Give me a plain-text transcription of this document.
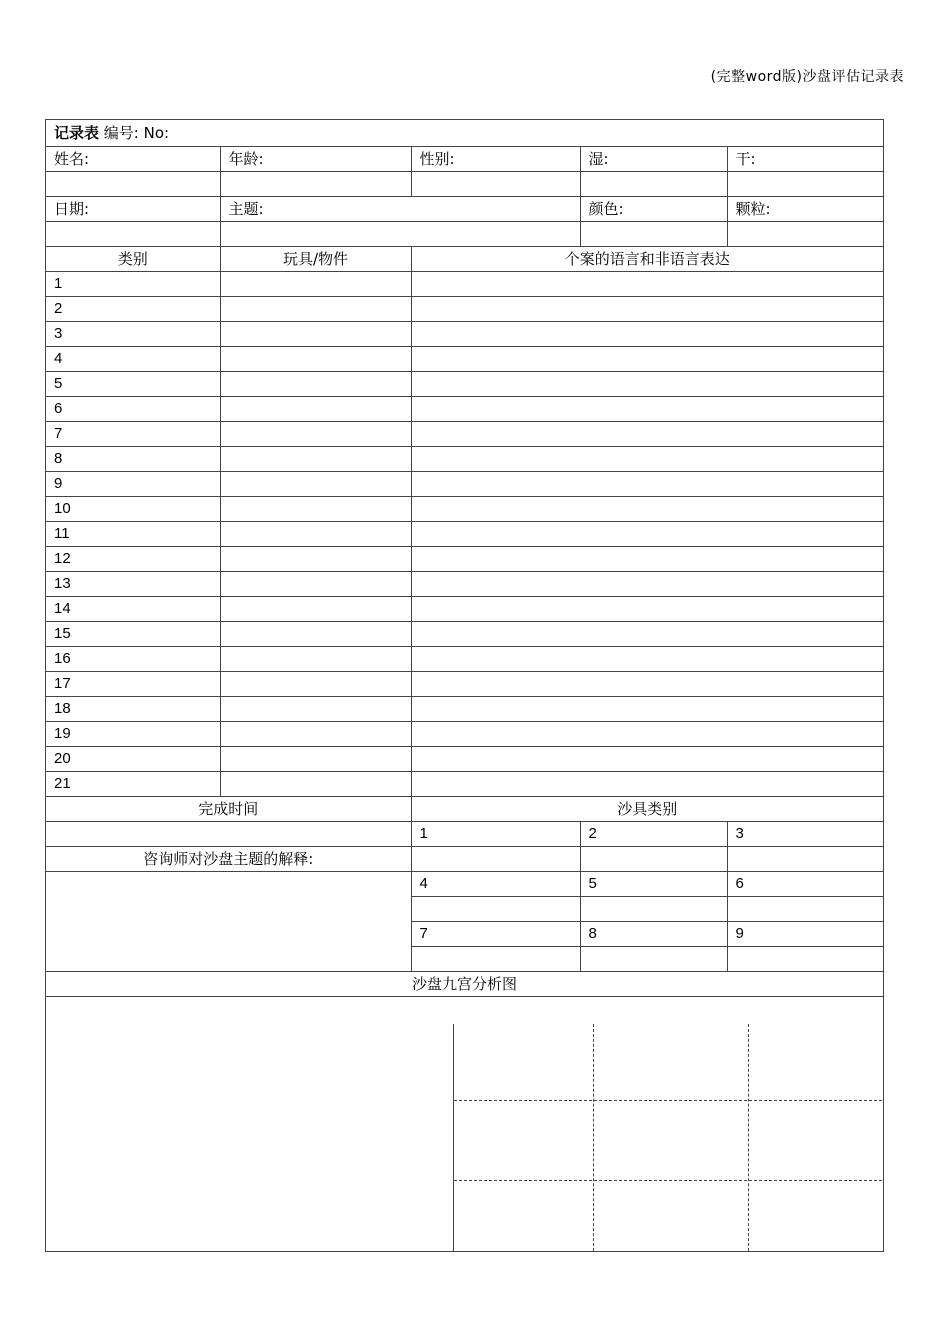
(完整word版)沙盘评估记录表
记录表 编号: No:				
姓名:	年龄:	性别:	湿:	干:

日期:	主题:		颜色:	颗粒:

类别	玩具/物件	个案的语言和非语言表达		
1				
2				
3				
4				
5				
6				
7				
8				
9				
10				
11				
12				
13				
14				
15				
16				
17				
18				
19				
20				
21				
完成时间		沙具类别		
		1	2	3
咨询师对沙盘主题的解释:				
		4	5	6

		7	8	9

沙盘九宫分析图				
